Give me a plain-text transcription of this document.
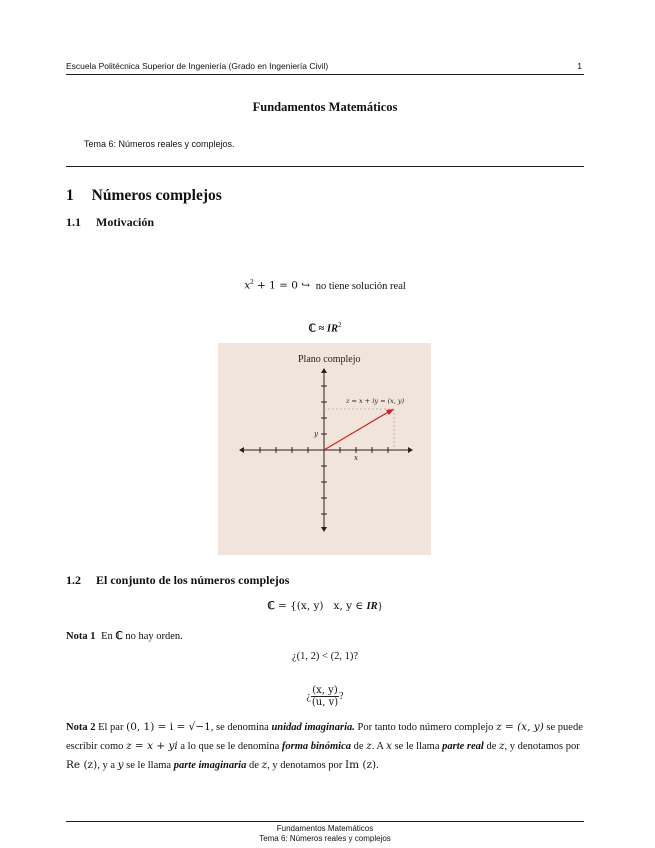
Escuela Politécnica Superior de Ingeniería (Grado en Ingeniería Civil)	1
Fundamentos Matemáticos
Tema 6: Números reales y complejos.
1 Números complejos
1.1 Motivación
$x^2 + 1 = 0$ ↪ no tiene solución real
ℂ ≈ $IR^2$
Plano complejo
z = x + iy = (x, y)
y
x
1.2 El conjunto de los números complejos
ℂ = {(x, y)   x, y ∈ IR}
Nota 1 En ℂ no hay orden.
¿(1, 2) < (2, 1)?
¿ $\frac{(x, y)}{(u, v)}$ ?
Nota 2 El par (0, 1) = i = √−1, se denomina unidad imaginaria. Por tanto todo número complejo z = (x, y) se puede escribir como z = x + yi a lo que se le denomina forma binómica de z. A x se le llama parte real de z, y denotamos por Re (z), y a y se le llama parte imaginaria de z, y denotamos por Im (z).
Fundamentos Matemáticos
Tema 6: Números reales y complejos
